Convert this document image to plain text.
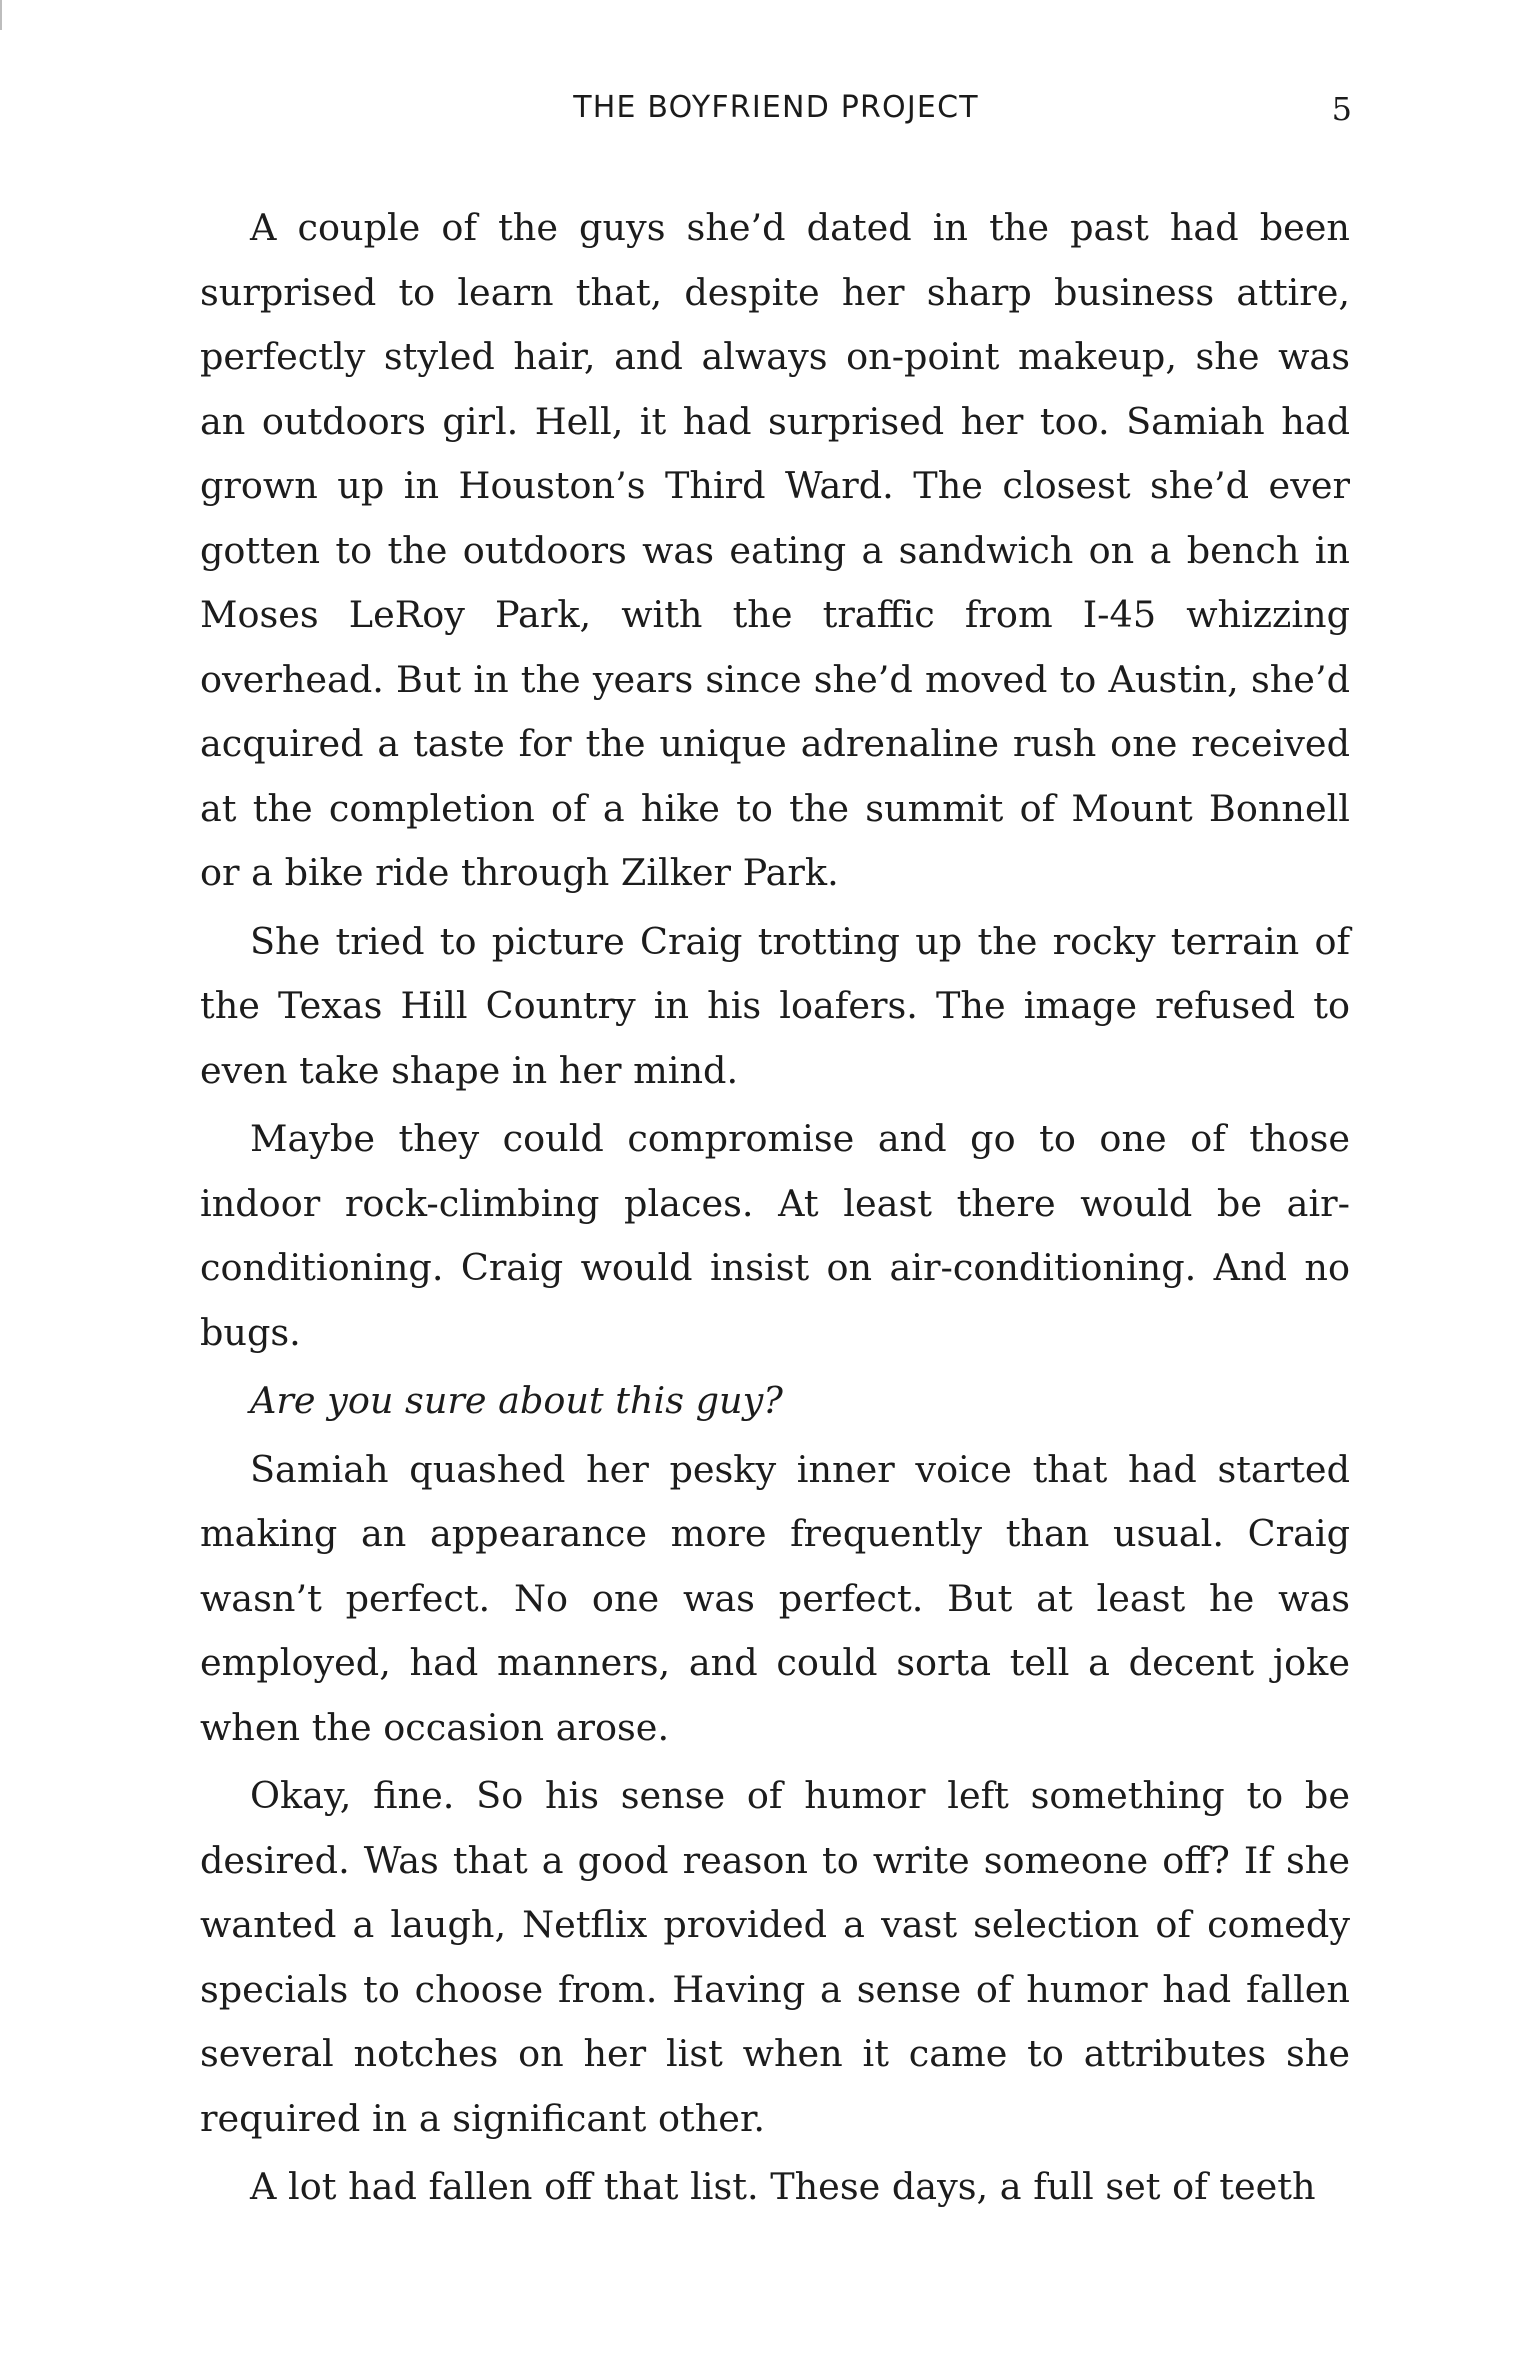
THE BOYFRIEND PROJECT	5

A couple of the guys she’d dated in the past had been surprised to learn that, despite her sharp business attire, perfectly styled hair, and always on-point makeup, she was an outdoors girl. Hell, it had surprised her too. Samiah had grown up in Houston’s Third Ward. The closest she’d ever gotten to the outdoors was eating a sandwich on a bench in Moses LeRoy Park, with the traffic from I-45 whizzing overhead. But in the years since she’d moved to Austin, she’d acquired a taste for the unique adrenaline rush one received at the completion of a hike to the summit of Mount Bonnell or a bike ride through Zilker Park.

She tried to picture Craig trotting up the rocky terrain of the Texas Hill Country in his loafers. The image refused to even take shape in her mind.

Maybe they could compromise and go to one of those indoor rock-climbing places. At least there would be air-conditioning. Craig would insist on air-conditioning. And no bugs.

Are you sure about this guy?

Samiah quashed her pesky inner voice that had started making an appearance more frequently than usual. Craig wasn’t perfect. No one was perfect. But at least he was employed, had manners, and could sorta tell a decent joke when the occasion arose.

Okay, fine. So his sense of humor left something to be desired. Was that a good reason to write someone off? If she wanted a laugh, Netflix provided a vast selection of comedy specials to choose from. Having a sense of humor had fallen several notches on her list when it came to attributes she required in a significant other.

A lot had fallen off that list. These days, a full set of teeth
